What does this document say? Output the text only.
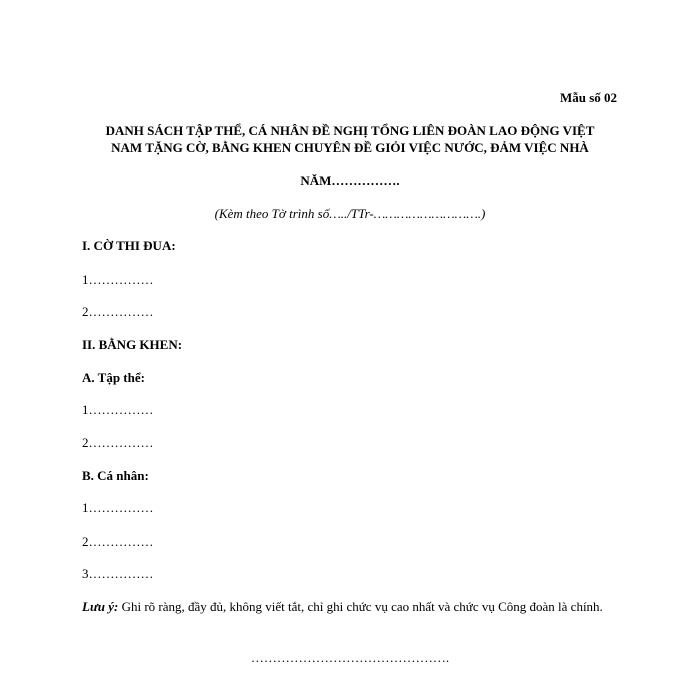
Mẫu số 02
DANH SÁCH TẬP THỂ, CÁ NHÂN ĐỀ NGHỊ TỔNG LIÊN ĐOÀN LAO ĐỘNG VIỆT
NAM TẶNG CỜ, BẰNG KHEN CHUYÊN ĐỀ GIỎI VIỆC NƯỚC, ĐẢM VIỆC NHÀ
NĂM…………….
(Kèm theo Tờ trình số…../TTr-……………………….)
I. CỜ THI ĐUA:
1……………
2……………
II. BẰNG KHEN:
A. Tập thể:
1……………
2……………
B. Cá nhân:
1……………
2……………
3……………
Lưu ý: Ghi rõ ràng, đầy đủ, không viết tắt, chỉ ghi chức vụ cao nhất và chức vụ Công đoàn là chính.
……………………………………….
